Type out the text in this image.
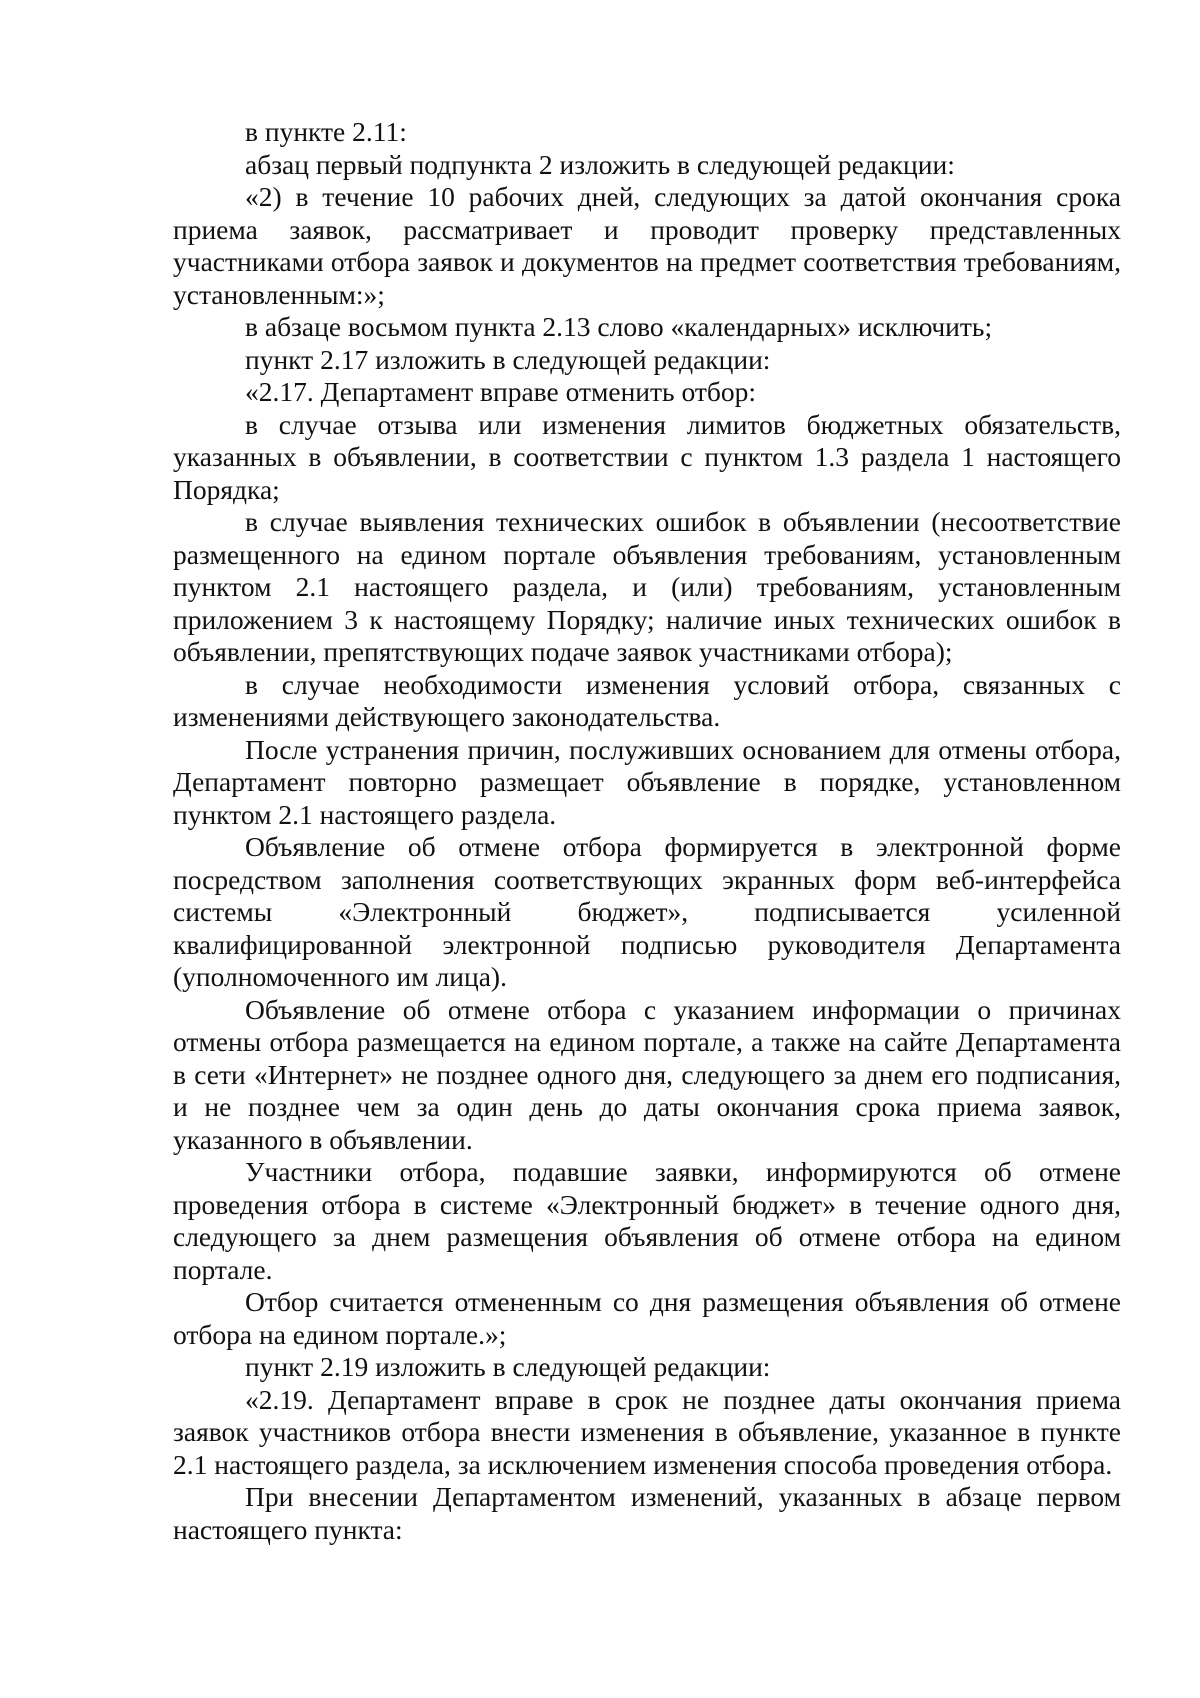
в пункте 2.11:

абзац первый подпункта 2 изложить в следующей редакции:

«2) в течение 10 рабочих дней, следующих за датой окончания срока приема заявок, рассматривает и проводит проверку представленных участниками отбора заявок и документов на предмет соответствия требованиям, установленным:»;

в абзаце восьмом пункта 2.13 слово «календарных» исключить;

пункт 2.17 изложить в следующей редакции:

«2.17. Департамент вправе отменить отбор:

в случае отзыва или изменения лимитов бюджетных обязательств, указанных в объявлении, в соответствии с пунктом 1.3 раздела 1 настоящего Порядка;

в случае выявления технических ошибок в объявлении (несоответствие размещенного на едином портале объявления требованиям, установленным пунктом 2.1 настоящего раздела, и (или) требованиям, установленным приложением 3 к настоящему Порядку; наличие иных технических ошибок в объявлении, препятствующих подаче заявок участниками отбора);

в случае необходимости изменения условий отбора, связанных с изменениями действующего законодательства.

После устранения причин, послуживших основанием для отмены отбора, Департамент повторно размещает объявление в порядке, установленном пунктом 2.1 настоящего раздела.

Объявление об отмене отбора формируется в электронной форме посредством заполнения соответствующих экранных форм веб-интерфейса системы «Электронный бюджет», подписывается усиленной квалифицированной электронной подписью руководителя Департамента (уполномоченного им лица).

Объявление об отмене отбора с указанием информации о причинах отмены отбора размещается на едином портале, а также на сайте Департамента в сети «Интернет» не позднее одного дня, следующего за днем его подписания, и не позднее чем за один день до даты окончания срока приема заявок, указанного в объявлении.

Участники отбора, подавшие заявки, информируются об отмене проведения отбора в системе «Электронный бюджет» в течение одного дня, следующего за днем размещения объявления об отмене отбора на едином портале.

Отбор считается отмененным со дня размещения объявления об отмене отбора на едином портале.»;

пункт 2.19 изложить в следующей редакции:

«2.19. Департамент вправе в срок не позднее даты окончания приема заявок участников отбора внести изменения в объявление, указанное в пункте 2.1 настоящего раздела, за исключением изменения способа проведения отбора.

При внесении Департаментом изменений, указанных в абзаце первом настоящего пункта:
